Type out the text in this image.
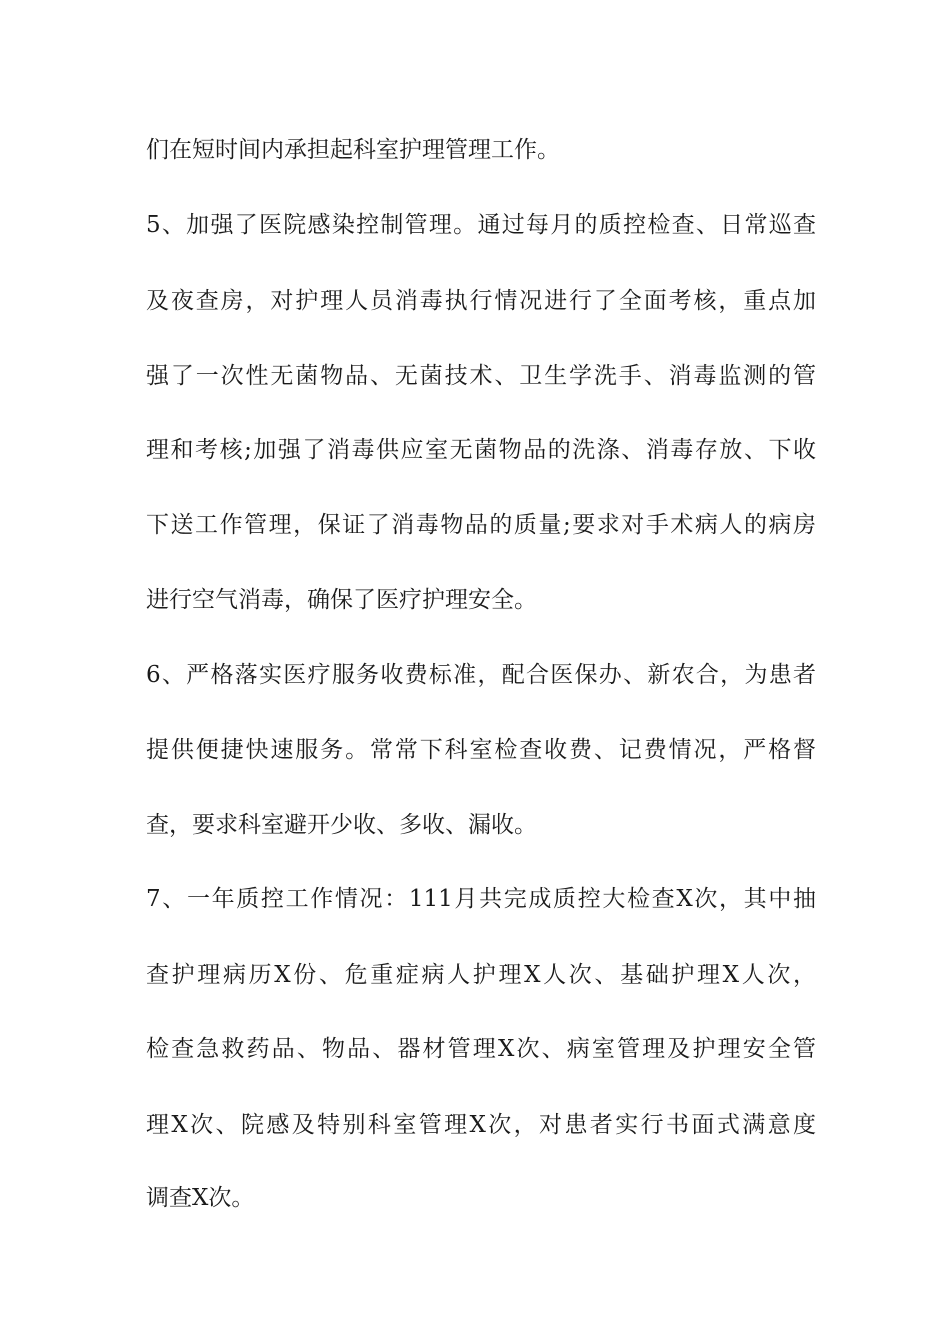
们在短时间内承担起科室护理管理工作。
5、加强了医院感染控制管理。通过每月的质控检查、日常巡查
及夜查房，对护理人员消毒执行情况进行了全面考核，重点加
强了一次性无菌物品、无菌技术、卫生学洗手、消毒监测的管
理和考核;加强了消毒供应室无菌物品的洗涤、消毒存放、下收
下送工作管理，保证了消毒物品的质量;要求对手术病人的病房
进行空气消毒，确保了医疗护理安全。
6、严格落实医疗服务收费标准，配合医保办、新农合，为患者
提供便捷快速服务。常常下科室检查收费、记费情况，严格督
查，要求科室避开少收、多收、漏收。
7、一年质控工作情况：111月共完成质控大检查X次，其中抽
查护理病历X份、危重症病人护理X人次、基础护理X人次，
检查急救药品、物品、器材管理X次、病室管理及护理安全管
理X次、院感及特别科室管理X次，对患者实行书面式满意度
调查X次。
